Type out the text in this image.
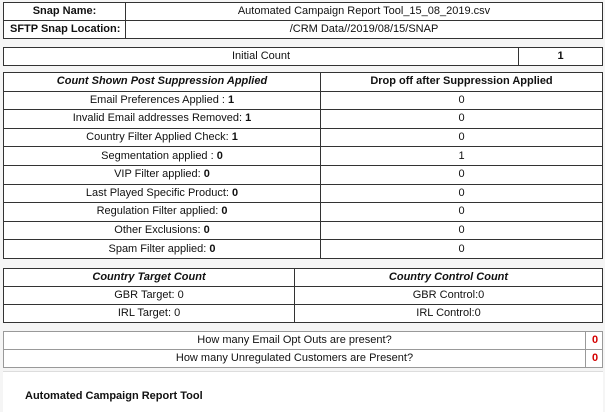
Snap Name:	Automated Campaign Report Tool_15_08_2019.csv
SFTP Snap Location:	/CRM Data//2019/08/15/SNAP
Initial Count	1
Count Shown Post Suppression Applied	Drop off after Suppression Applied
Email Preferences Applied : 1	0
Invalid Email addresses Removed: 1	0
Country Filter Applied Check: 1	0
Segmentation applied : 0	1
VIP Filter applied: 0	0
Last Played Specific Product: 0	0
Regulation Filter applied: 0	0
Other Exclusions: 0	0
Spam Filter applied: 0	0
Country Target Count	Country Control Count
GBR Target: 0	GBR Control:0
IRL Target: 0	IRL Control:0
How many Email Opt Outs are present?	0
How many Unregulated Customers are Present?	0
Automated Campaign Report Tool
